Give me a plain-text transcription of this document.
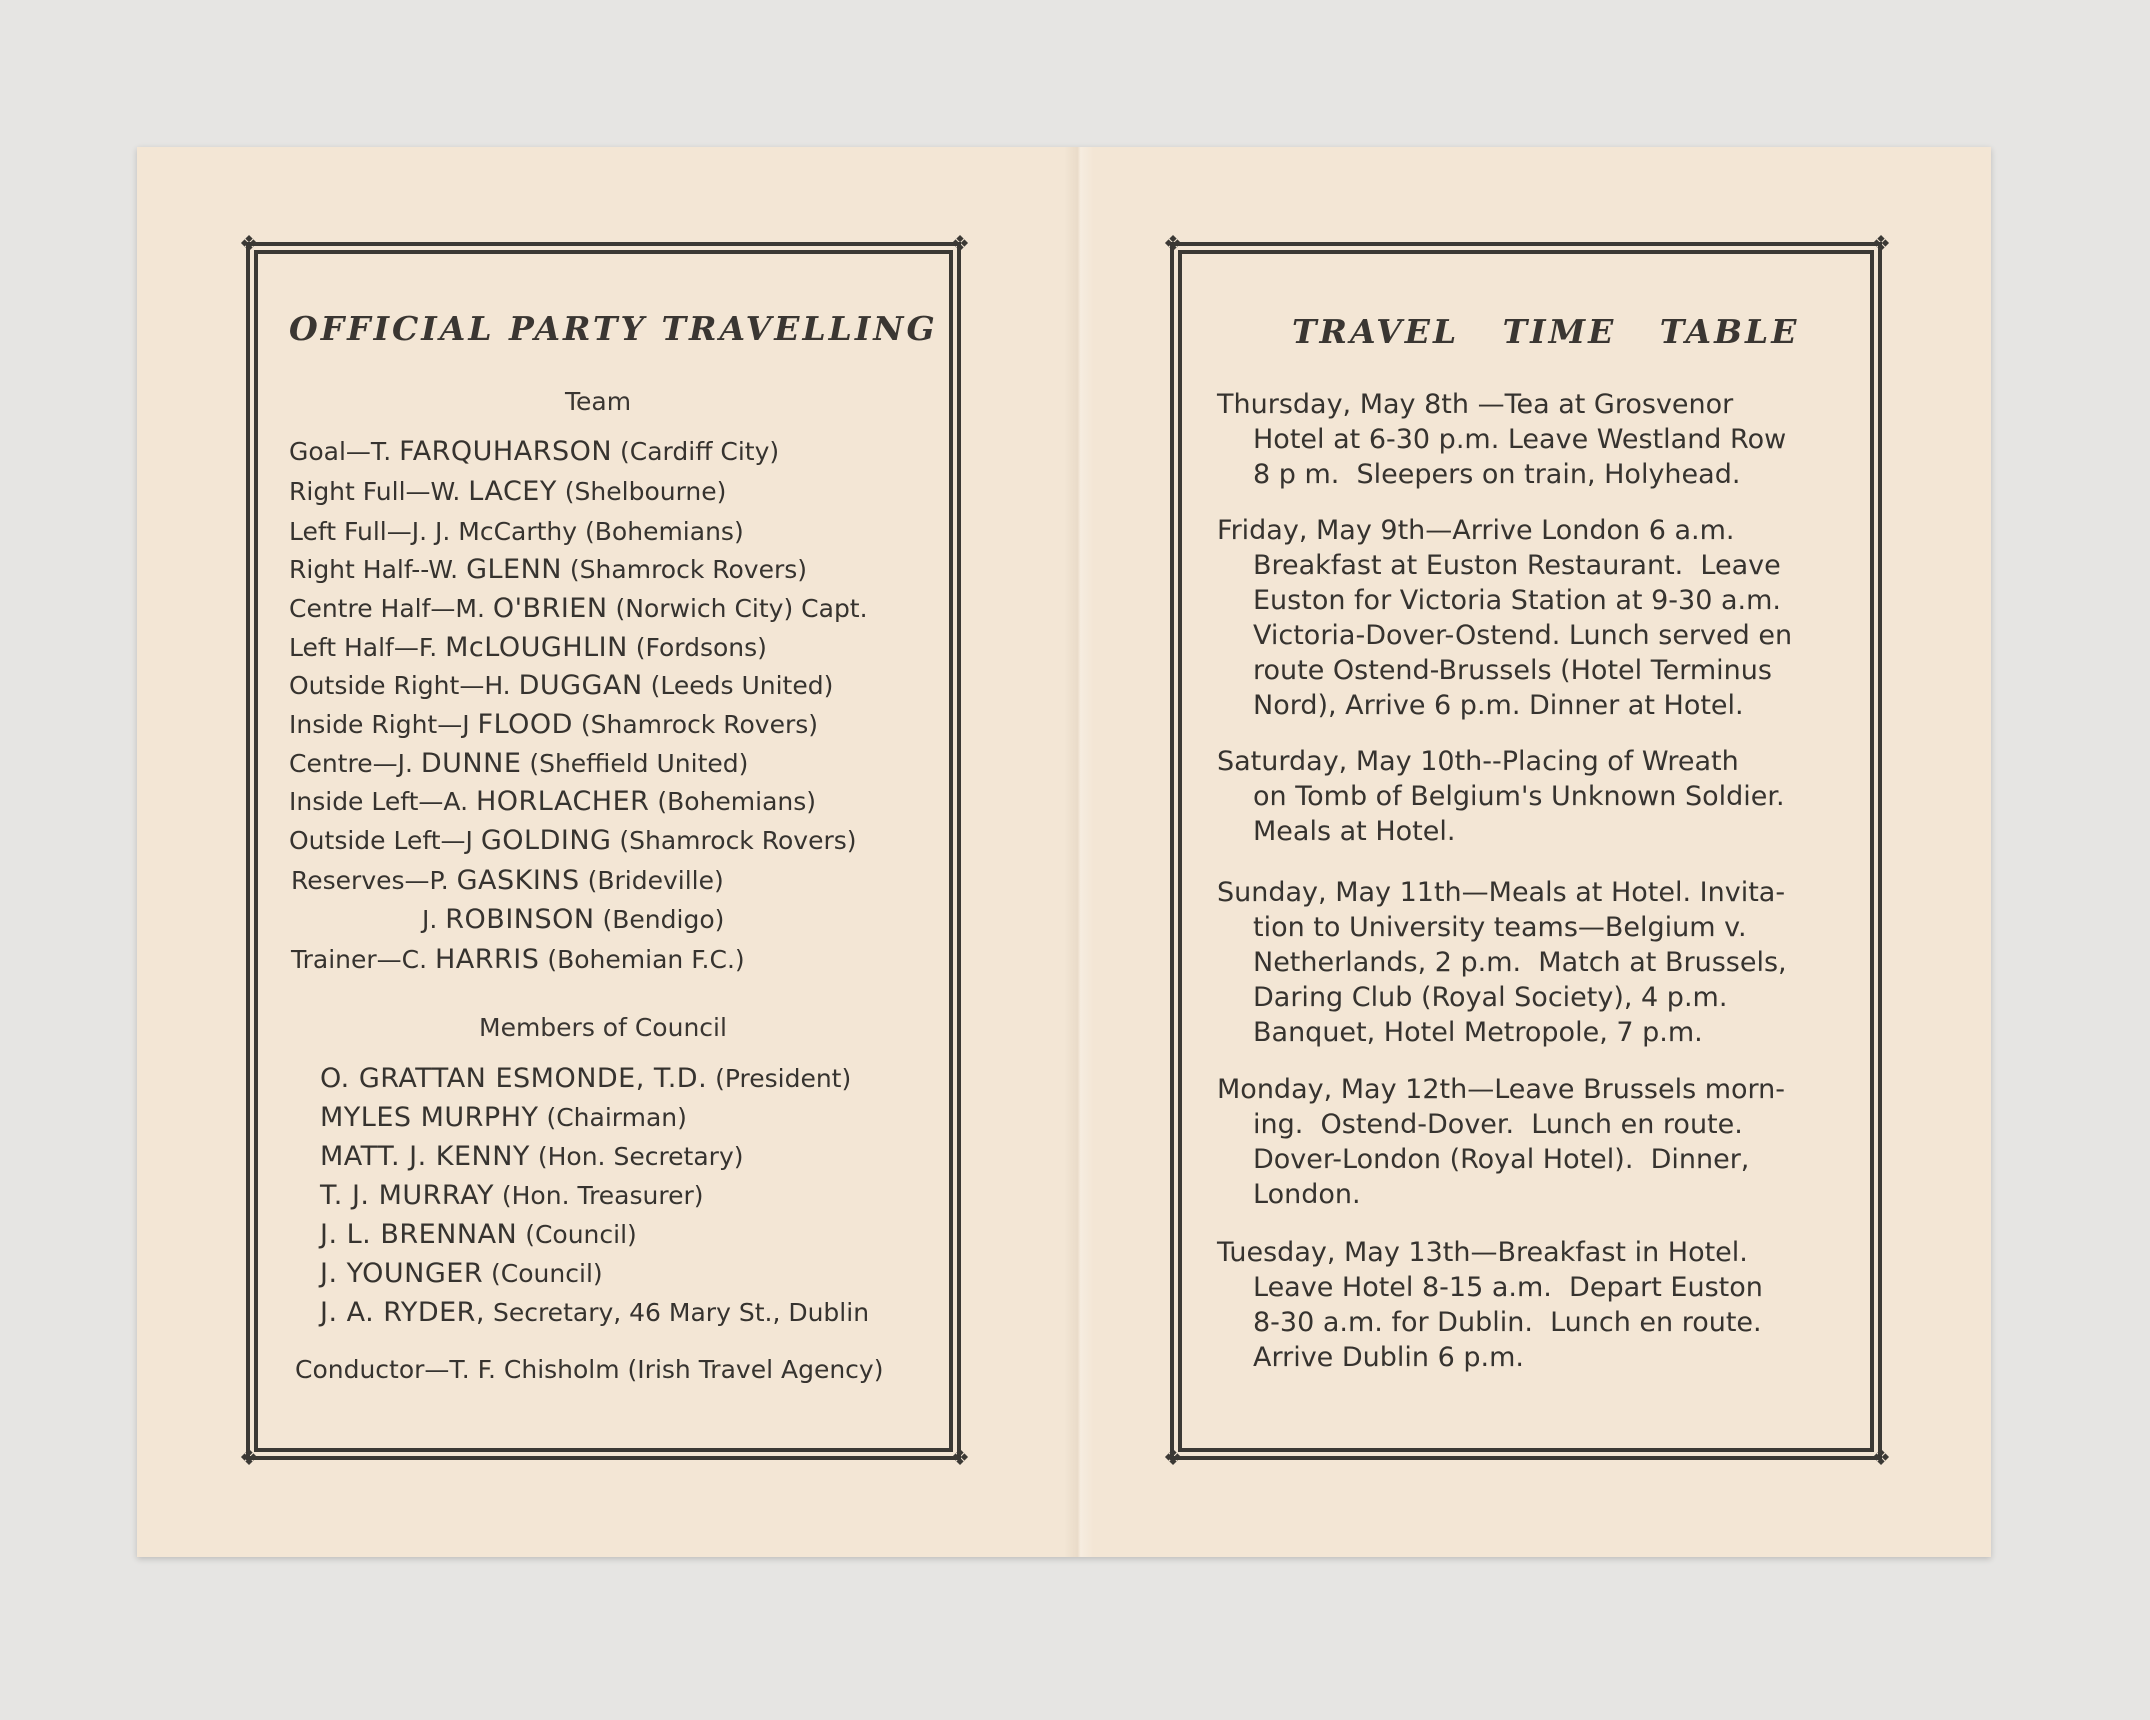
❖	❖
❖	❖
OFFICIAL PARTY TRAVELLING
Team
Members of Council
Conductor—T. F. Chisholm (Irish Travel Agency)
❖	❖
❖	❖
TRAVEL   TIME   TABLE
Goal—T. FARQUHARSON (Cardiff City)
Right Full—W. LACEY (Shelbourne)
Left Full—J. J. McCarthy (Bohemians)
Right Half--W. GLENN (Shamrock Rovers)
Centre Half—M. O'BRIEN (Norwich City) Capt.
Left Half—F. McLOUGHLIN (Fordsons)
Outside Right—H. DUGGAN (Leeds United)
Inside Right—J FLOOD (Shamrock Rovers)
Centre—J. DUNNE (Sheffield United)
Inside Left—A. HORLACHER (Bohemians)
Outside Left—J GOLDING (Shamrock Rovers)
Reserves—P. GASKINS (Brideville)
J. ROBINSON (Bendigo)
Trainer—C. HARRIS (Bohemian F.C.)
O. GRATTAN ESMONDE, T.D. (President)
MYLES MURPHY (Chairman)
MATT. J. KENNY (Hon. Secretary)
T. J. MURRAY (Hon. Treasurer)
J. L. BRENNAN (Council)
J. YOUNGER (Council)
J. A. RYDER, Secretary, 46 Mary St., Dublin

Thursday, May 8th —Tea at Grosvenor

Hotel at 6-30 p.m. Leave Westland Row

8 p m.  Sleepers on train, Holyhead.

Friday, May 9th—Arrive London 6 a.m.

Breakfast at Euston Restaurant.  Leave

Euston for Victoria Station at 9-30 a.m.

Victoria-Dover-Ostend. Lunch served en

route Ostend-Brussels (Hotel Terminus

Nord), Arrive 6 p.m. Dinner at Hotel.

Saturday, May 10th--Placing of Wreath

on Tomb of Belgium's Unknown Soldier.

Meals at Hotel.

Sunday, May 11th—Meals at Hotel. Invita-

tion to University teams—Belgium v.

Netherlands, 2 p.m.  Match at Brussels,

Daring Club (Royal Society), 4 p.m.

Banquet, Hotel Metropole, 7 p.m.

Monday, May 12th—Leave Brussels morn-

ing.  Ostend-Dover.  Lunch en route.

Dover-London (Royal Hotel).  Dinner,

London.

Tuesday, May 13th—Breakfast in Hotel.

Leave Hotel 8-15 a.m.  Depart Euston

8-30 a.m. for Dublin.  Lunch en route.

Arrive Dublin 6 p.m.
